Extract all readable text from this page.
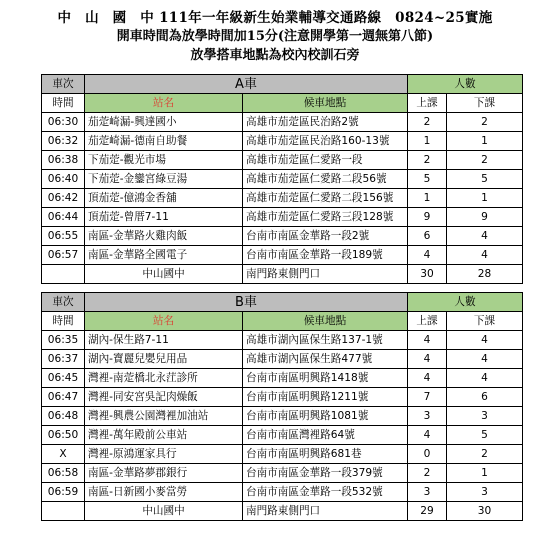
中　山　國　中 111年一年級新生始業輔導交通路線　0824~25實施
開車時間為放學時間加15分(注意開學第一週無第八節)
放學搭車地點為校內校訓石旁
車次	A車		人數	
時間	站名	候車地點	上課	下課
06:30	茄萣崎漏-興達國小	高雄市茄萣區民治路2號	2	2
06:32	茄萣崎漏-德南自助餐	高雄市茄萣區民治路160-13號	1	1
06:38	下茄萣-觀光市場	高雄市茄萣區仁愛路一段	2	2
06:40	下茄萣-金鑾宮綠豆湯	高雄市茄萣區仁愛路二段56號	5	5
06:42	頂茄萣-億鴻金香舖	高雄市茄萣區仁愛路二段156號	1	1
06:44	頂茄萣-曾厝7-11	高雄市茄萣區仁愛路三段128號	9	9
06:55	南區-金華路火雞肉飯	台南市南區金華路一段2號	6	4
06:57	南區-金華路全國電子	台南市南區金華路一段189號	4	4
	中山國中	南門路東側門口	30	28
車次	B車		人數	
時間	站名	候車地點	上課	下課
06:35	湖內-保生路7-11	高雄市湖內區保生路137-1號	4	4
06:37	湖內-寶麗兒嬰兒用品	高雄市湖內區保生路477號	4	4
06:45	灣裡-南萣橋北永茳診所	台南市南區明興路1418號	4	4
06:47	灣裡-同安宮吳記肉燥飯	台南市南區明興路1211號	7	6
06:48	灣裡-興農公園灣裡加油站	台南市南區明興路1081號	3	3
06:50	灣裡-萬年殿前公車站	台南市南區灣裡路64號	4	5
X	灣裡-原鴻運家具行	台南市南區明興路681巷	0	2
06:58	南區-金華路夢郡銀行	台南市南區金華路一段379號	2	1
06:59	南區-日新國小麥當勞	台南市南區金華路一段532號	3	3
	中山國中	南門路東側門口	29	30
